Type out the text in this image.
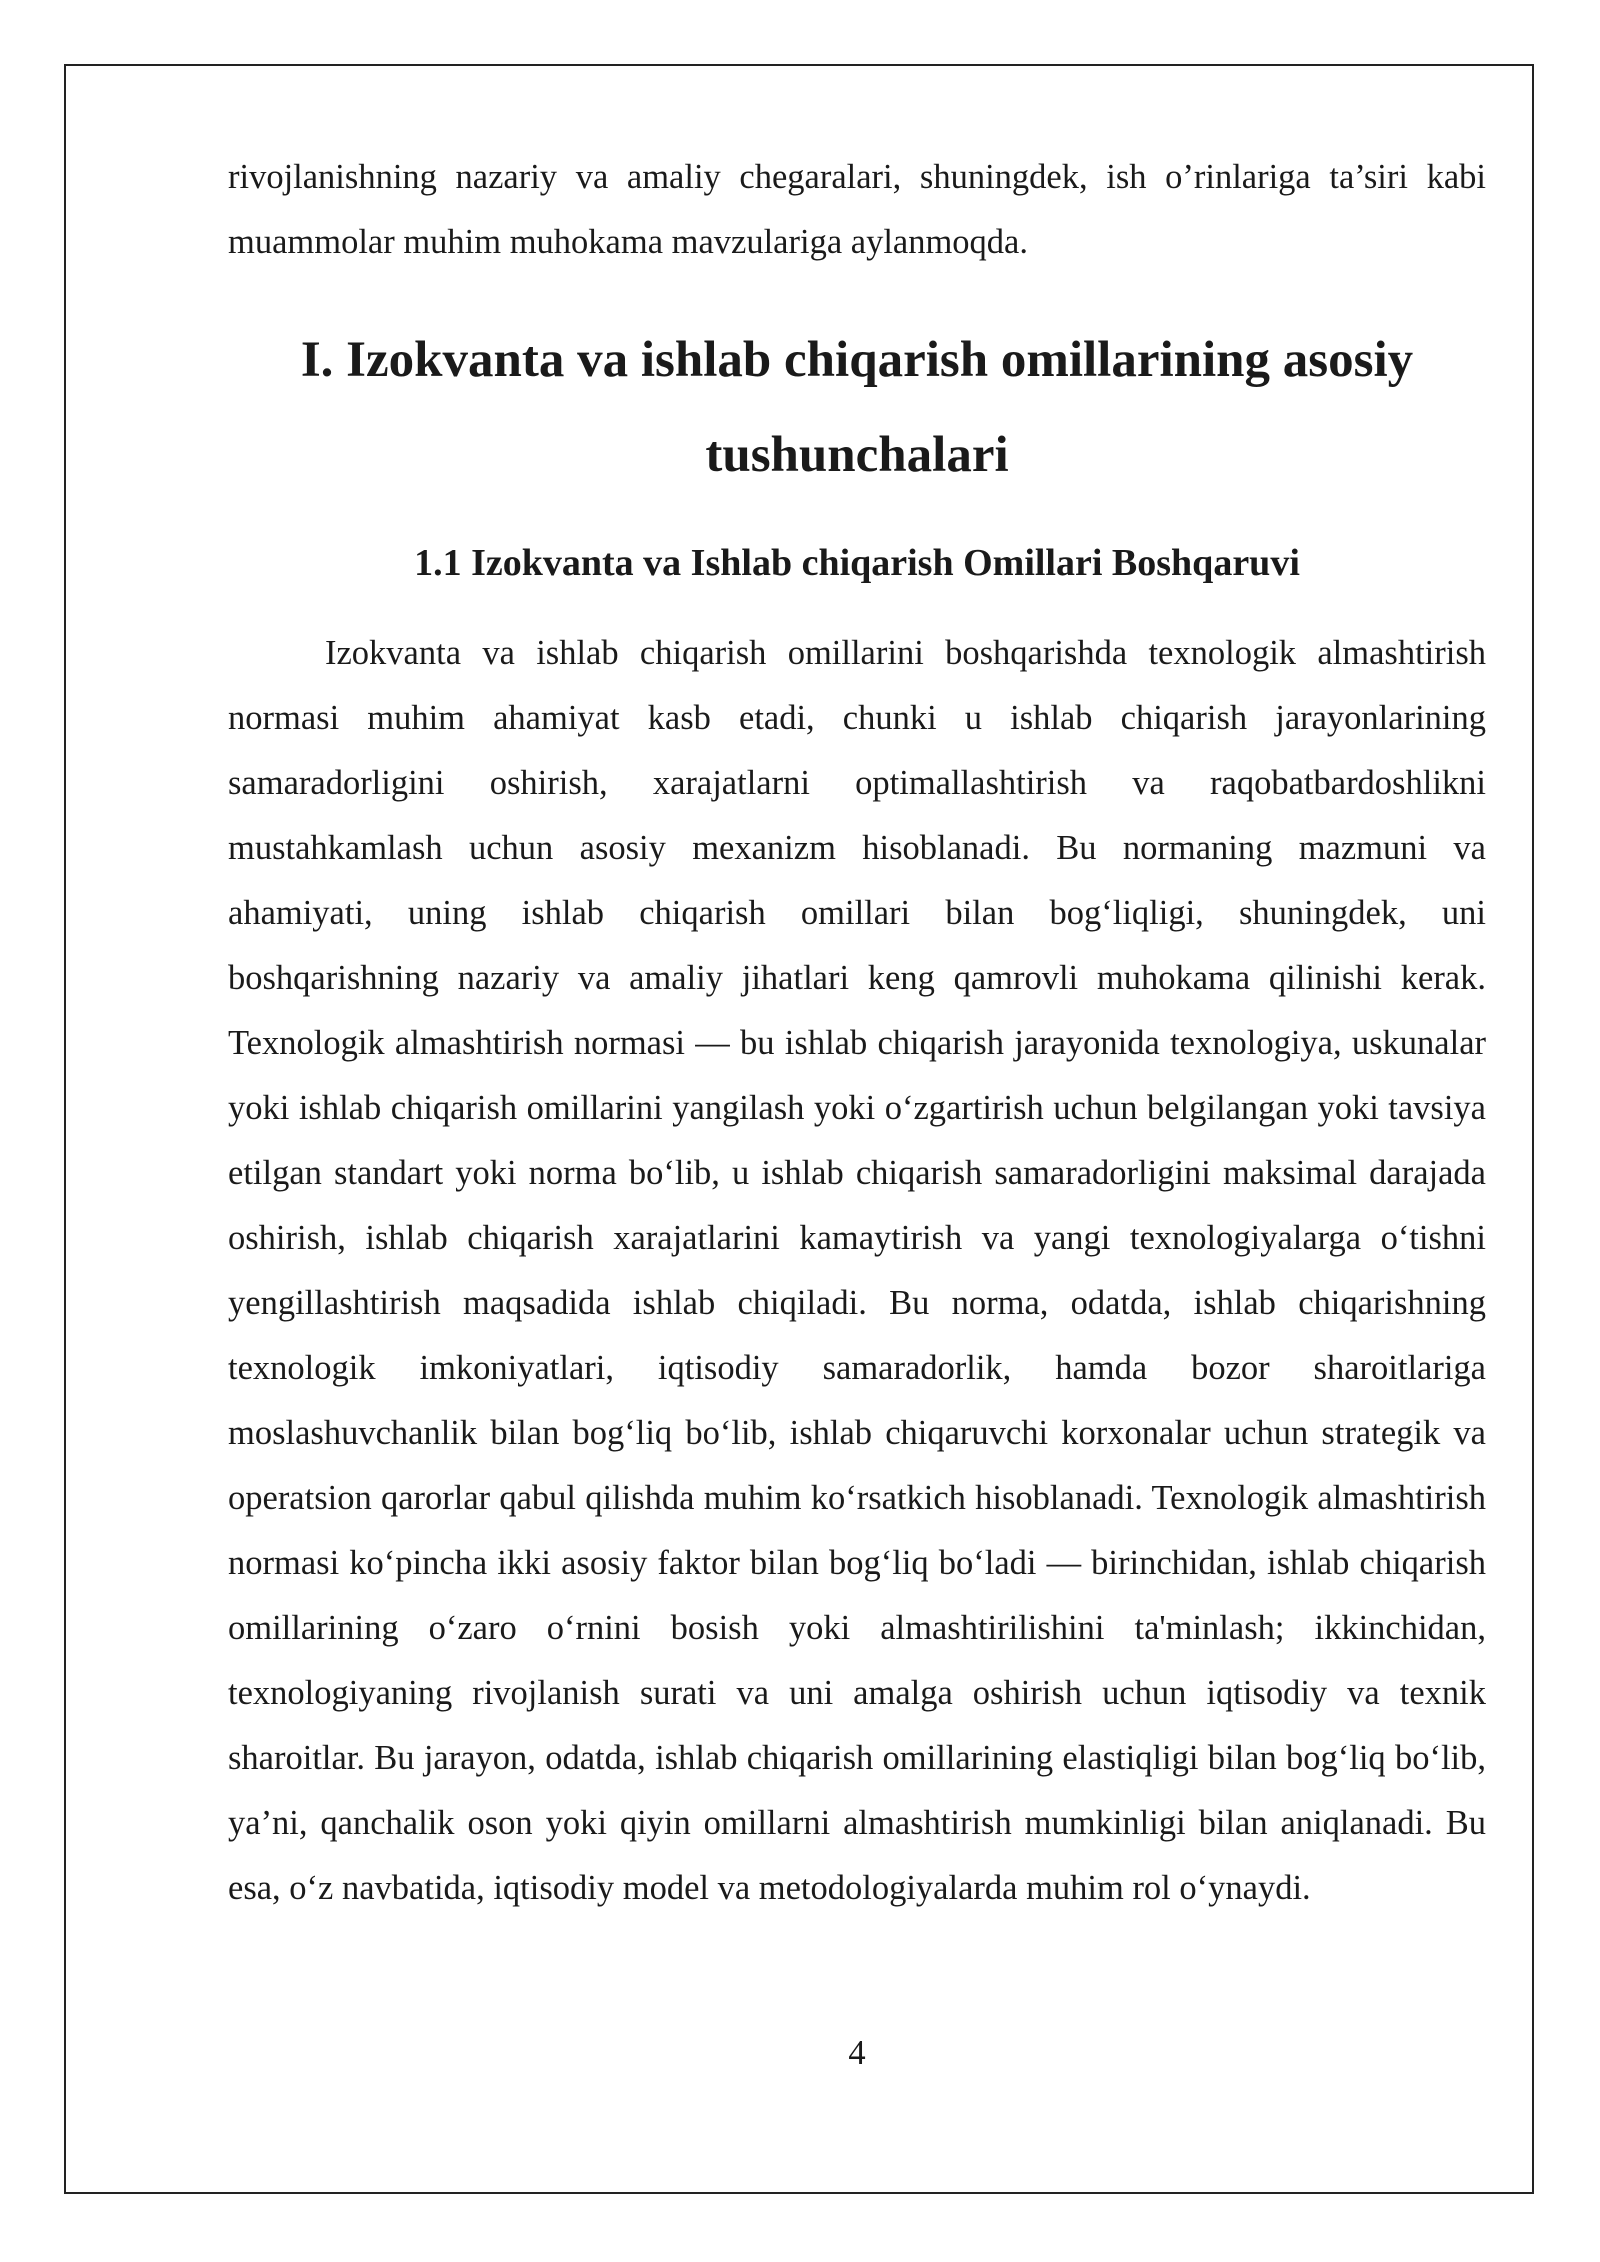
rivojlanishning nazariy va amaliy chegaralari, shuningdek, ish o’rinlariga ta’siri kabi muammolar muhim muhokama mavzulariga aylanmoqda.

I. Izokvanta va ishlab chiqarish omillarining asosiy tushunchalari
1.1 Izokvanta va Ishlab chiqarish Omillari Boshqaruvi

Izokvanta va ishlab chiqarish omillarini boshqarishda texnologik almashtirish normasi muhim ahamiyat kasb etadi, chunki u ishlab chiqarish jarayonlarining samaradorligini oshirish, xarajatlarni optimallashtirish va raqobatbardoshlikni mustahkamlash uchun asosiy mexanizm hisoblanadi. Bu normaning mazmuni va ahamiyati, uning ishlab chiqarish omillari bilan bog‘liqligi, shuningdek, uni boshqarishning nazariy va amaliy jihatlari keng qamrovli muhokama qilinishi kerak. Texnologik almashtirish normasi — bu ishlab chiqarish jarayonida texnologiya, uskunalar yoki ishlab chiqarish omillarini yangilash yoki o‘zgartirish uchun belgilangan yoki tavsiya etilgan standart yoki norma bo‘lib, u ishlab chiqarish samaradorligini maksimal darajada oshirish, ishlab chiqarish xarajatlarini kamaytirish va yangi texnologiyalarga o‘tishni yengillashtirish maqsadida ishlab chiqiladi. Bu norma, odatda, ishlab chiqarishning texnologik imkoniyatlari, iqtisodiy samaradorlik, hamda bozor sharoitlariga moslashuvchanlik bilan bog‘liq bo‘lib, ishlab chiqaruvchi korxonalar uchun strategik va operatsion qarorlar qabul qilishda muhim ko‘rsatkich hisoblanadi. Texnologik almashtirish normasi ko‘pincha ikki asosiy faktor bilan bog‘liq bo‘ladi — birinchidan, ishlab chiqarish omillarining o‘zaro o‘rnini bosish yoki almashtirilishini ta'minlash; ikkinchidan, texnologiyaning rivojlanish surati va uni amalga oshirish uchun iqtisodiy va texnik sharoitlar. Bu jarayon, odatda, ishlab chiqarish omillarining elastiqligi bilan bog‘liq bo‘lib, ya’ni, qanchalik oson yoki qiyin omillarni almashtirish mumkinligi bilan aniqlanadi. Bu esa, o‘z navbatida, iqtisodiy model va metodologiyalarda muhim rol o‘ynaydi.

4
